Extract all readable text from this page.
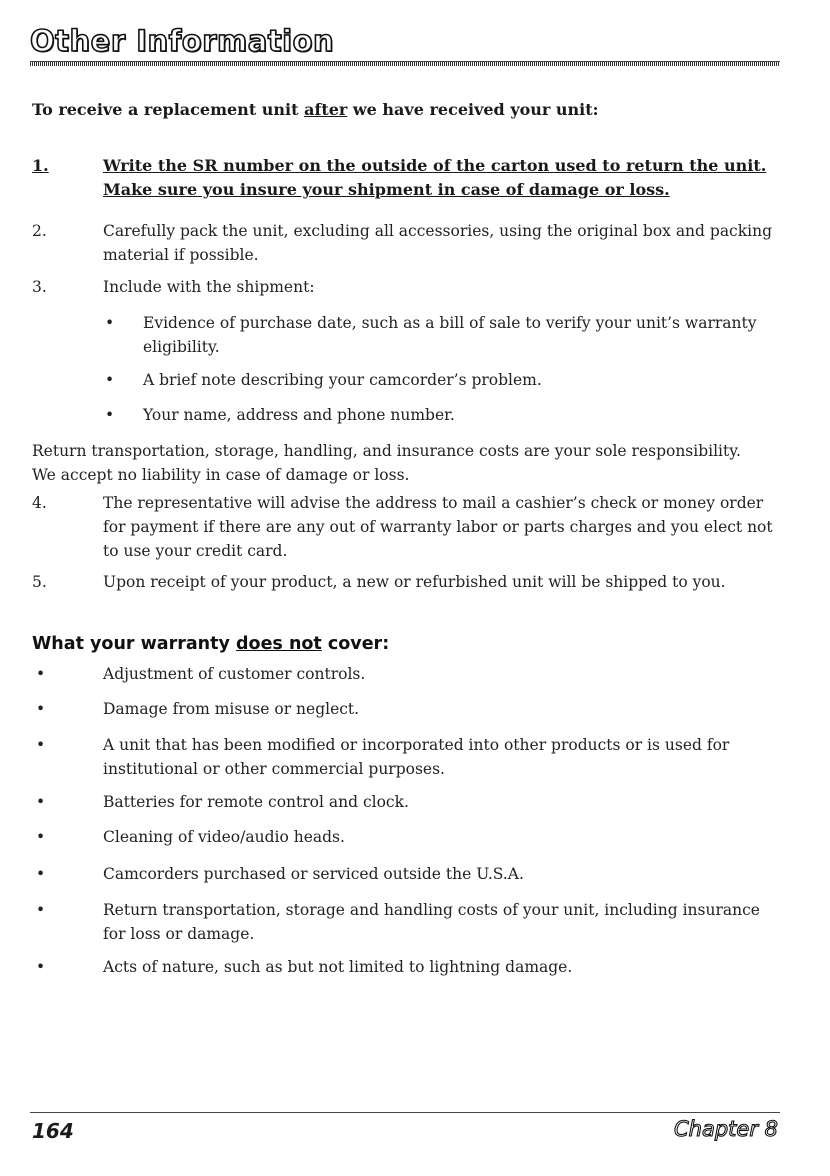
Other Information
To receive a replacement unit after we have received your unit:
1.	Write the SR number on the outside of the carton used to return the unit.
Make sure you insure your shipment in case of damage or loss.
2.	Carefully pack the unit, excluding all accessories, using the original box and packing
material if possible.
3.	Include with the shipment:
• Evidence of purchase date, such as a bill of sale to verify your unit’s warranty
eligibility.
• A brief note describing your camcorder’s problem.
• Your name, address and phone number.
Return transportation, storage, handling, and insurance costs are your sole responsibility.
We accept no liability in case of damage or loss.
4.	The representative will advise the address to mail a cashier’s check or money order
for payment if there are any out of warranty labor or parts charges and you elect not
to use your credit card.
5.	Upon receipt of your product, a new or refurbished unit will be shipped to you.
What your warranty does not cover:
•	Adjustment of customer controls.
•	Damage from misuse or neglect.
•	A unit that has been modified or incorporated into other products or is used for
institutional or other commercial purposes.
•	Batteries for remote control and clock.
•	Cleaning of video/audio heads.
•	Camcorders purchased or serviced outside the U.S.A.
•	Return transportation, storage and handling costs of your unit, including insurance
for loss or damage.
•	Acts of nature, such as but not limited to lightning damage.
164	Chapter 8
